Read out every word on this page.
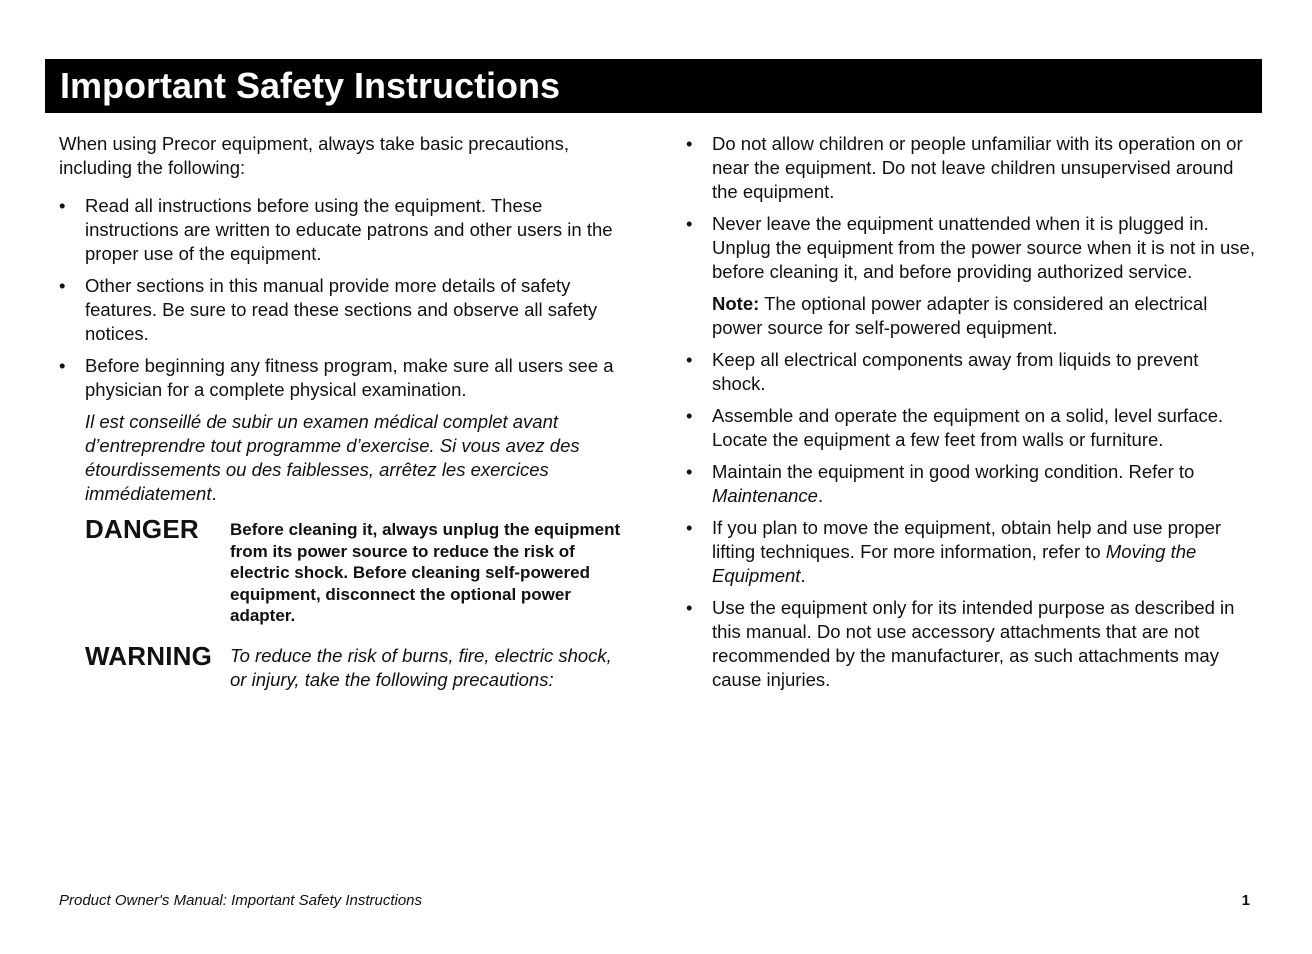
Important Safety Instructions

When using Precor equipment, always take basic precautions, including the following:

•	Read all instructions before using the equipment. These instructions are written to educate patrons and other users in the proper use of the equipment.
•	Other sections in this manual provide more details of safety features. Be sure to read these sections and observe all safety notices.
•	Before beginning any fitness program, make sure all users see a physician for a complete physical examination.

Il est conseillé de subir un examen médical complet avant d’entreprendre tout programme d’exercise. Si vous avez des étourdissements ou des faiblesses, arrêtez les exercices immédiatement.

DANGER	Before cleaning it, always unplug the equipment from its power source to reduce the risk of electric shock. Before cleaning self-powered equipment, disconnect the optional power adapter.
WARNING To reduce the risk of burns, fire, electric shock, or injury, take the following precautions:
•	Do not allow children or people unfamiliar with its operation on or near the equipment. Do not leave children unsupervised around the equipment.
•	Never leave the equipment unattended when it is plugged in. Unplug the equipment from the power source when it is not in use, before cleaning it, and before providing authorized service.

Note: The optional power adapter is considered an electrical power source for self-powered equipment.

•	Keep all electrical components away from liquids to prevent shock.
•	Assemble and operate the equipment on a solid, level surface. Locate the equipment a few feet from walls or furniture.
•	Maintain the equipment in good working condition. Refer to Maintenance.
•	If you plan to move the equipment, obtain help and use proper lifting techniques. For more information, refer to Moving the Equipment.
•	Use the equipment only for its intended purpose as described in this manual. Do not use accessory attachments that are not recommended by the manufacturer, as such attachments may cause injuries.
Product Owner's Manual: Important Safety Instructions	1
